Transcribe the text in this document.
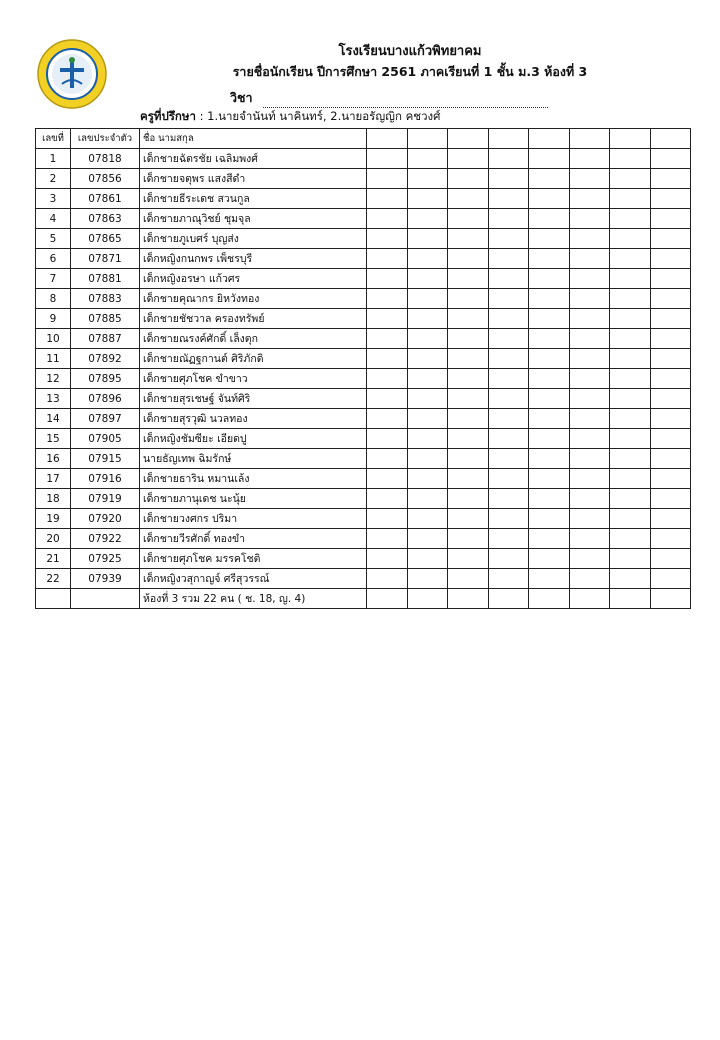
โรงเรียนบางแก้วพิทยาคม
รายชื่อนักเรียน ปีการศึกษา 2561 ภาคเรียนที่ 1 ชั้น ม.3 ห้องที่ 3
วิชา
ครูที่ปรึกษา : 1.นายจำนันท์ นาคินทร์, 2.นายอรัญญิก คชวงศ์
เลขที่	เลขประจำตัว	ชื่อ นามสกุล								
1	07818	เด็กชายฉัตรชัย เฉลิมพงศ์								
2	07856	เด็กชายจตุพร แสงสีดำ								
3	07861	เด็กชายธีระเดช สวนกูล								
4	07863	เด็กชายภาณุวิชย์ ชุมจุล								
5	07865	เด็กชายภูเบศร์ บุญส่ง								
6	07871	เด็กหญิงกนกพร เพ็ชรบุรี								
7	07881	เด็กหญิงอรษา แก้วศร								
8	07883	เด็กชายคุณากร ยิหวังทอง								
9	07885	เด็กชายชัชวาล ครองทรัพย์								
10	07887	เด็กชายณรงค์ศักดิ์ เล็งตุก								
11	07892	เด็กชายณัฏฐกานต์ ศิริภักดิ								
12	07895	เด็กชายศุภโชค ขำขาว								
13	07896	เด็กชายสุรเชษฐ์ จันท์ศิริ								
14	07897	เด็กชายสุรวุฒิ นวลทอง								
15	07905	เด็กหญิงชัมซียะ เอียดปู								
16	07915	นายธัญเทพ ฉิมรักษ์								
17	07916	เด็กชายธาริน หมานเล้ง								
18	07919	เด็กชายภานุเดช นะนุ้ย								
19	07920	เด็กชายวงศกร ปริมา								
20	07922	เด็กชายวีรศักดิ์ ทองขำ								
21	07925	เด็กชายศุภโชค มรรคโชติ								
22	07939	เด็กหญิงวสุกาญจ์ ศรีสุวรรณ์								
		ห้องที่ 3 รวม 22 คน ( ช. 18, ญ. 4)								
